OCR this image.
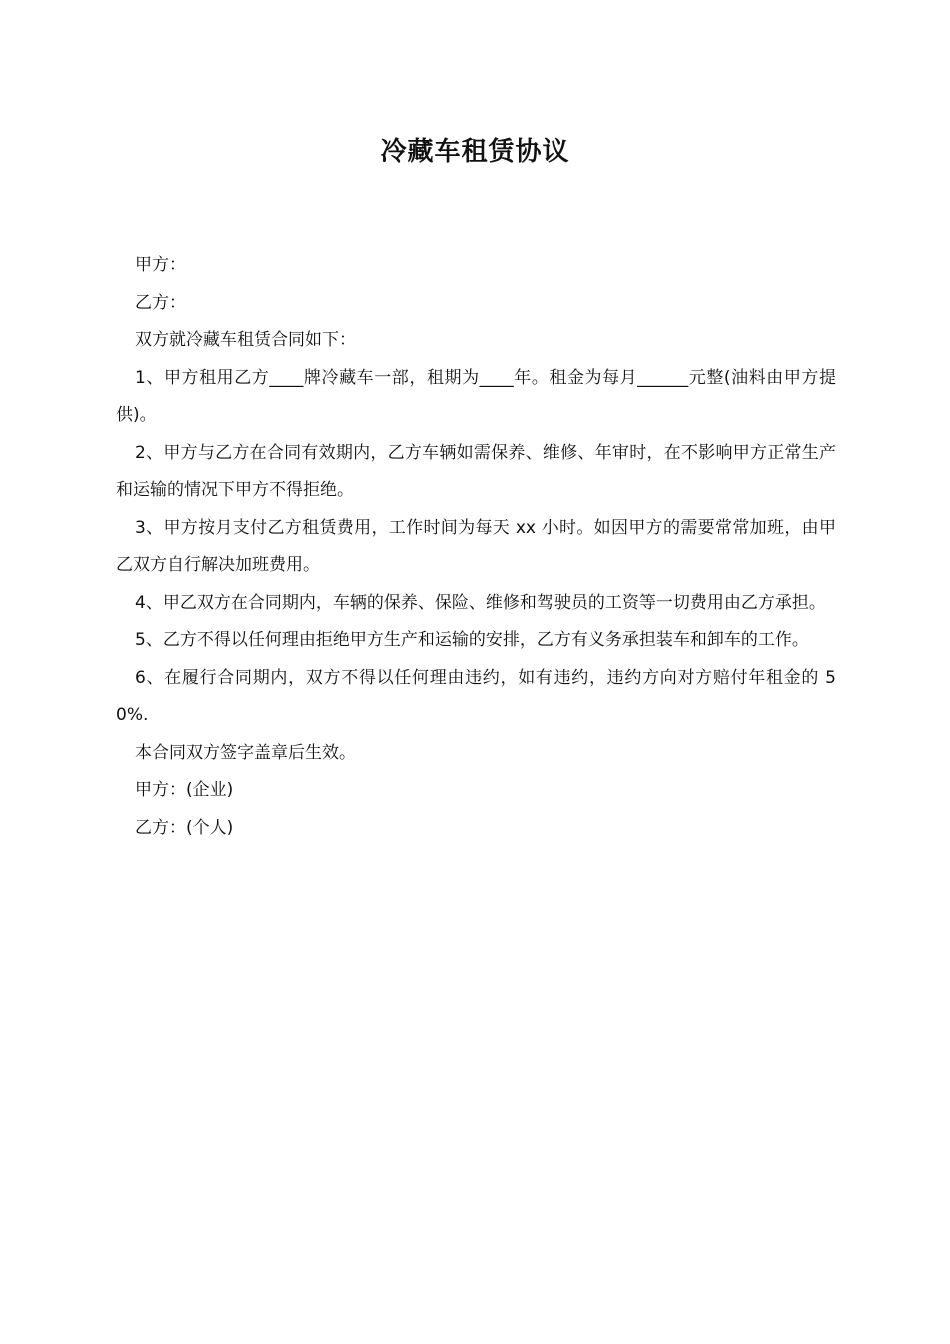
冷藏车租赁协议

甲方：

乙方：

双方就冷藏车租赁合同如下：

1、甲方租用乙方____牌冷藏车一部，租期为____年。租金为每月______元整(油料由甲方提供)。

2、甲方与乙方在合同有效期内，乙方车辆如需保养、维修、年审时，在不影响甲方正常生产和运输的情况下甲方不得拒绝。

3、甲方按月支付乙方租赁费用，工作时间为每天 xx 小时。如因甲方的需要常常加班，由甲乙双方自行解决加班费用。

4、甲乙双方在合同期内，车辆的保养、保险、维修和驾驶员的工资等一切费用由乙方承担。

5、乙方不得以任何理由拒绝甲方生产和运输的安排，乙方有义务承担装车和卸车的工作。

6、在履行合同期内，双方不得以任何理由违约，如有违约，违约方向对方赔付年租金的 50%.

本合同双方签字盖章后生效。

甲方：(企业)

乙方：(个人)
